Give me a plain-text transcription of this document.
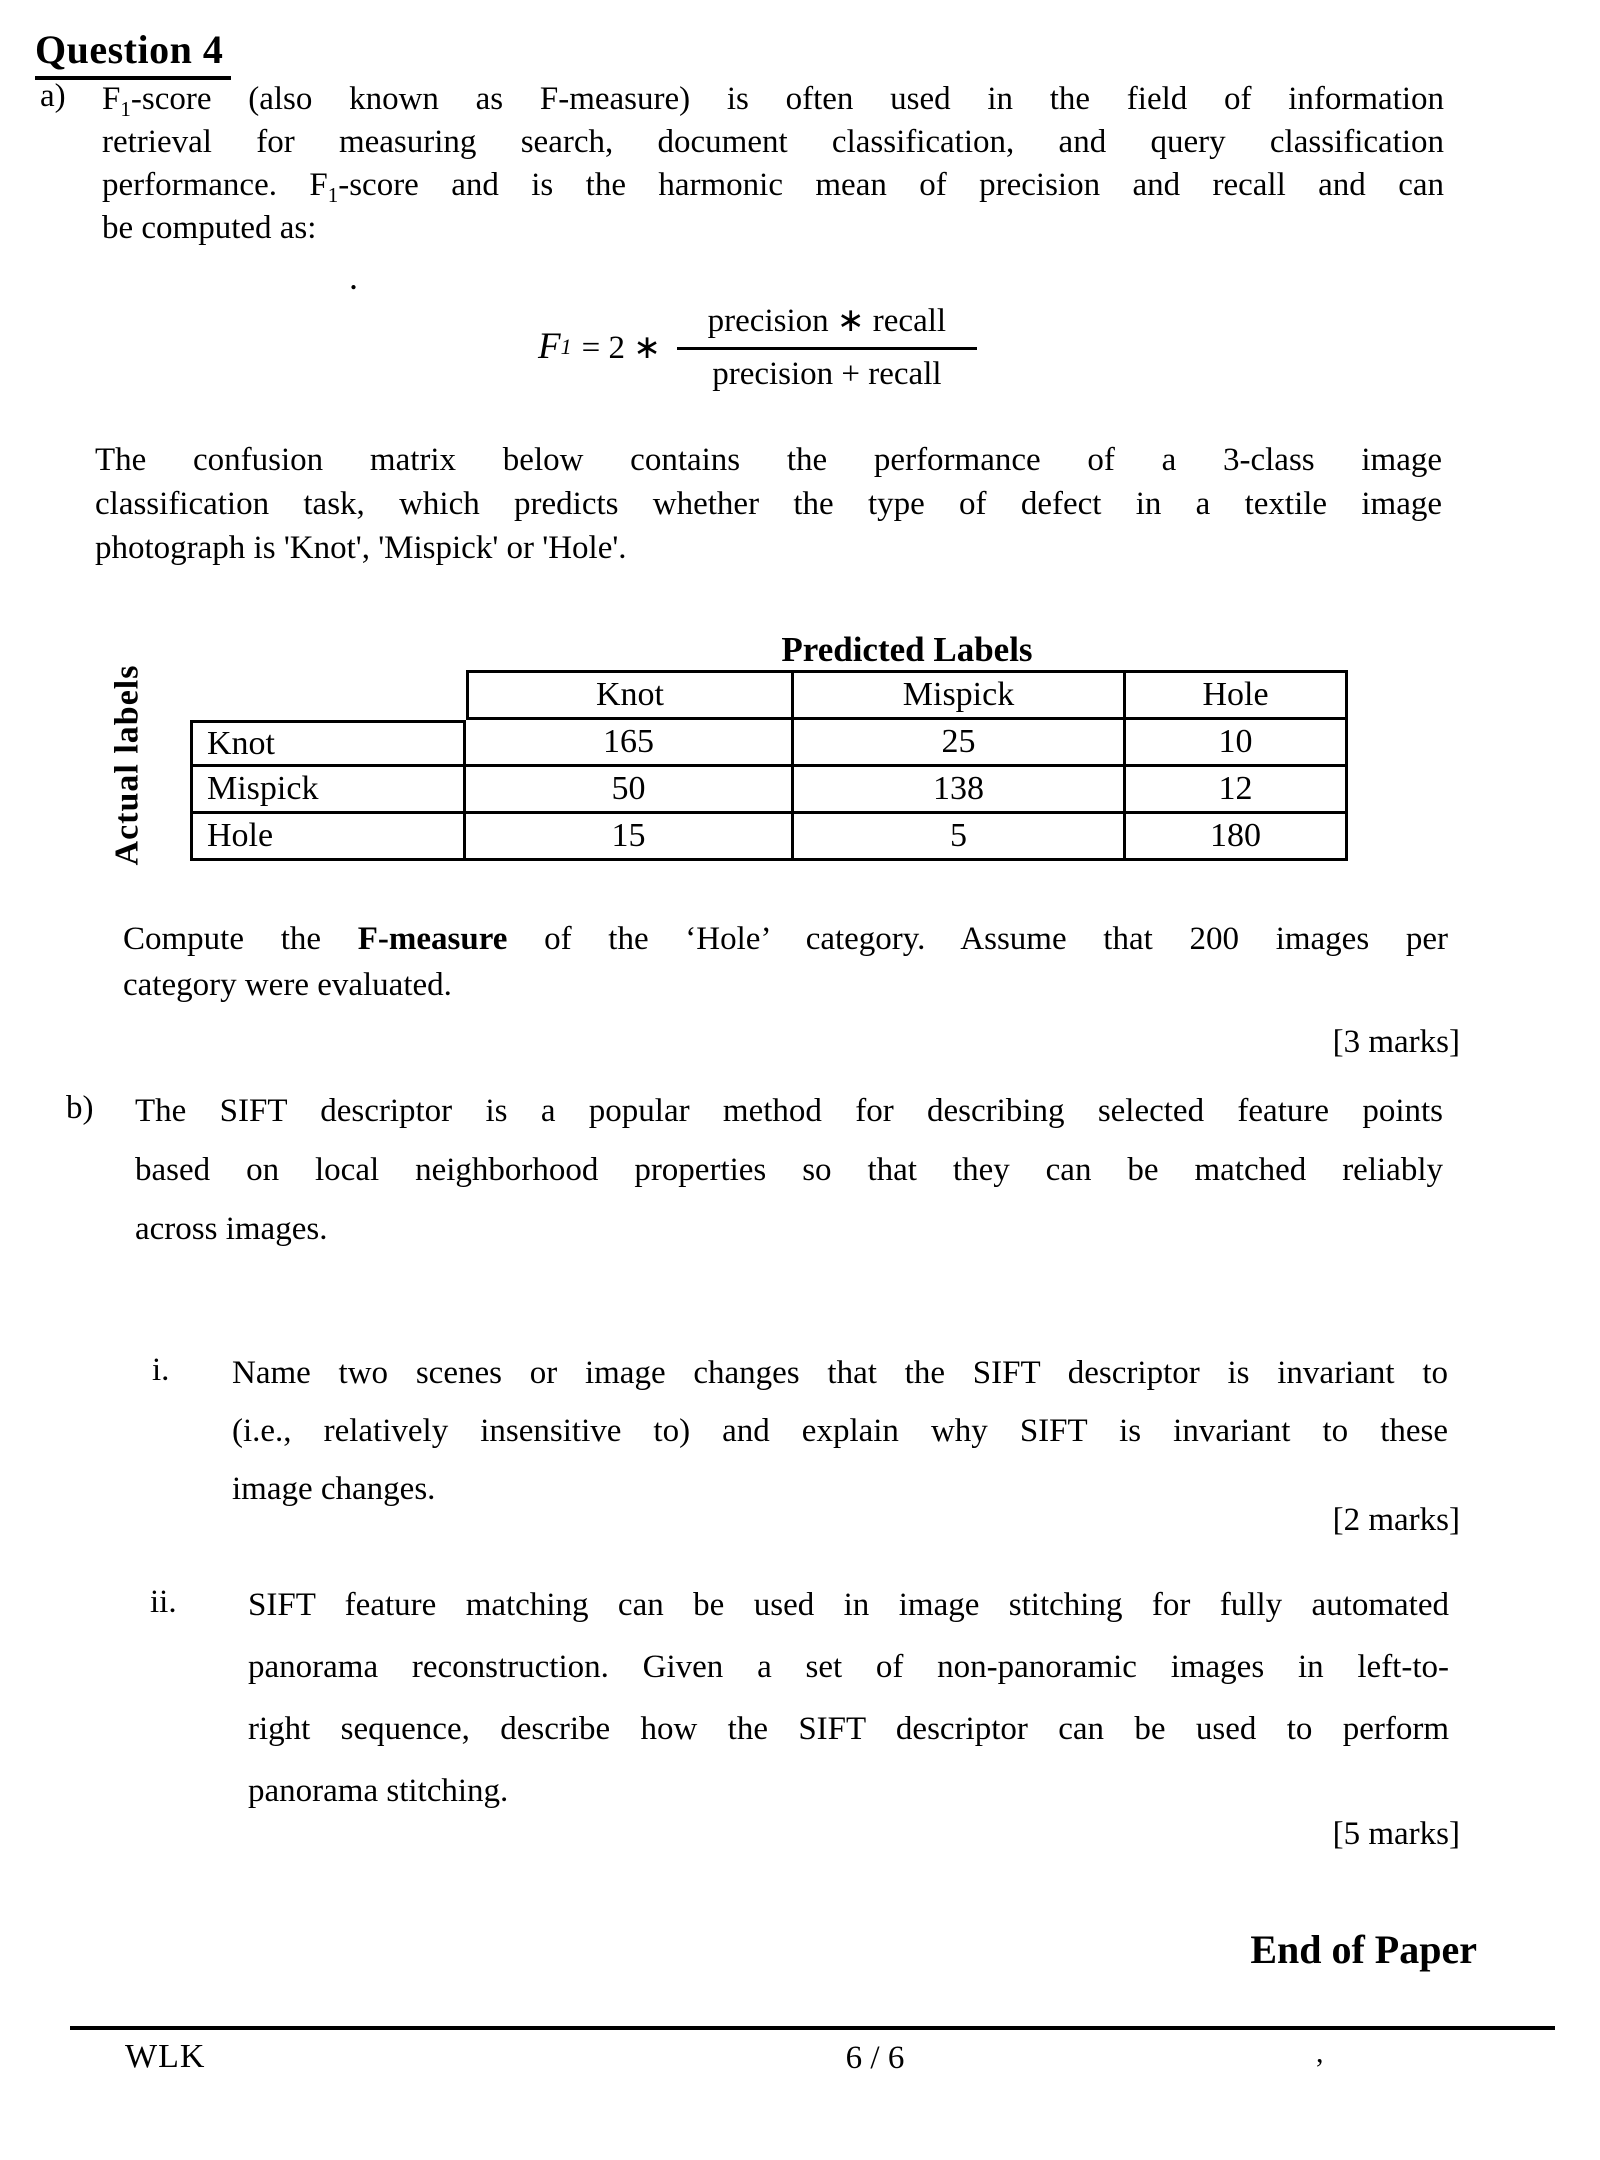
Question 4
a) $F_1$-score (also known as F-measure) is often used in the field of information
retrieval for measuring search, document classification, and query classification
performance. $F_1$-score and is the harmonic mean of precision and recall and can
be computed as:
.
F 1 = 2 ∗ $\frac{\text{precision ∗ recall}}{\text{precision + recall}}$
The confusion matrix below contains the performance of a 3-class image
classification task, which predicts whether the type of defect in a textile image
photograph is 'Knot', 'Mispick' or 'Hole'.
Predicted Labels
Actual labels	Knot	Mispick	Hole
Knot	165	25	10
Mispick	50	138	12
Hole	15	5	180
Compute the F-measure of the ‘Hole’ category. Assume that 200 images per
category were evaluated.
[3 marks]
b) The SIFT descriptor is a popular method for describing selected feature points
based on local neighborhood properties so that they can be matched reliably
across images.
i. Name two scenes or image changes that the SIFT descriptor is invariant to
(i.e., relatively insensitive to) and explain why SIFT is invariant to these
image changes.
[2 marks]
ii. SIFT feature matching can be used in image stitching for fully automated
panorama reconstruction. Given a set of non-panoramic images in left-to-
right sequence, describe how the SIFT descriptor can be used to perform
panorama stitching.
[5 marks]
End of Paper
WLK	6 / 6	,
